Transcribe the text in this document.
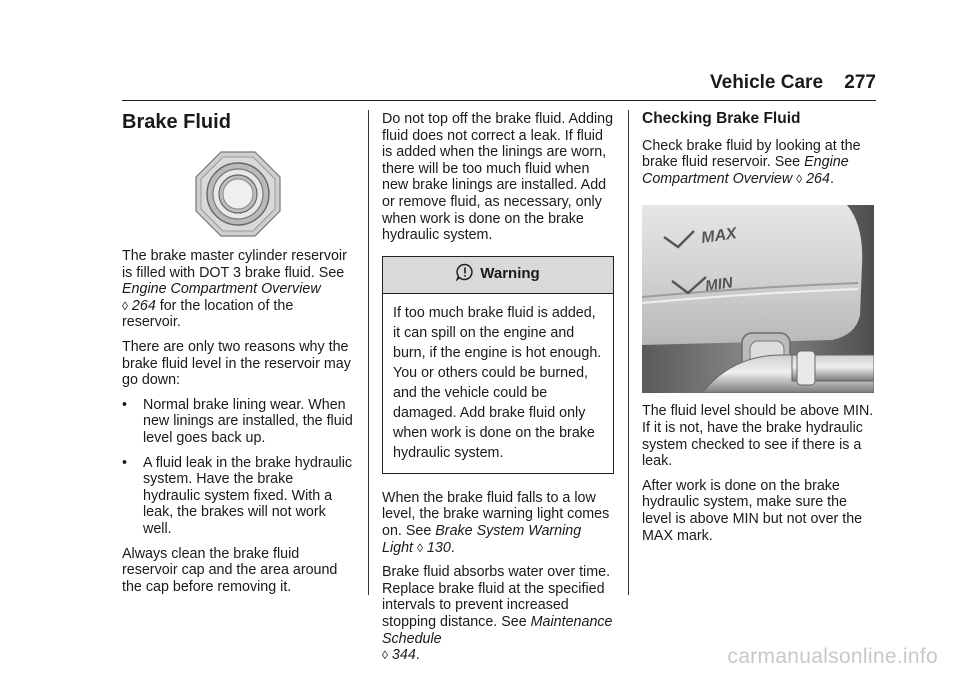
Vehicle Care 277
Brake Fluid

The brake master cylinder reservoir is filled with DOT 3 brake fluid. See Engine Compartment Overview
◊ 264 for the location of the reservoir.

There are only two reasons why the brake fluid level in the reservoir may go down:

•	Normal brake lining wear. When new linings are installed, the fluid level goes back up.
•	A fluid leak in the brake hydraulic system. Have the brake hydraulic system fixed. With a leak, the brakes will not work well.

Always clean the brake fluid reservoir cap and the area around the cap before removing it.

Do not top off the brake fluid. Adding fluid does not correct a leak. If fluid is added when the linings are worn, there will be too much fluid when new brake linings are installed. Add or remove fluid, as necessary, only when work is done on the brake hydraulic system.

Warning
If too much brake fluid is added, it can spill on the engine and burn, if the engine is hot enough. You or others could be burned, and the vehicle could be damaged. Add brake fluid only when work is done on the brake hydraulic system.

When the brake fluid falls to a low level, the brake warning light comes on. See Brake System Warning Light ◊ 130.

Brake fluid absorbs water over time. Replace brake fluid at the specified intervals to prevent increased stopping distance. See Maintenance Schedule
◊ 344.

Checking Brake Fluid

Check brake fluid by looking at the brake fluid reservoir. See Engine Compartment Overview ◊ 264.

MAX
MIN

The fluid level should be above MIN. If it is not, have the brake hydraulic system checked to see if there is a leak.

After work is done on the brake hydraulic system, make sure the level is above MIN but not over the MAX mark.

carmanualsonline.info
